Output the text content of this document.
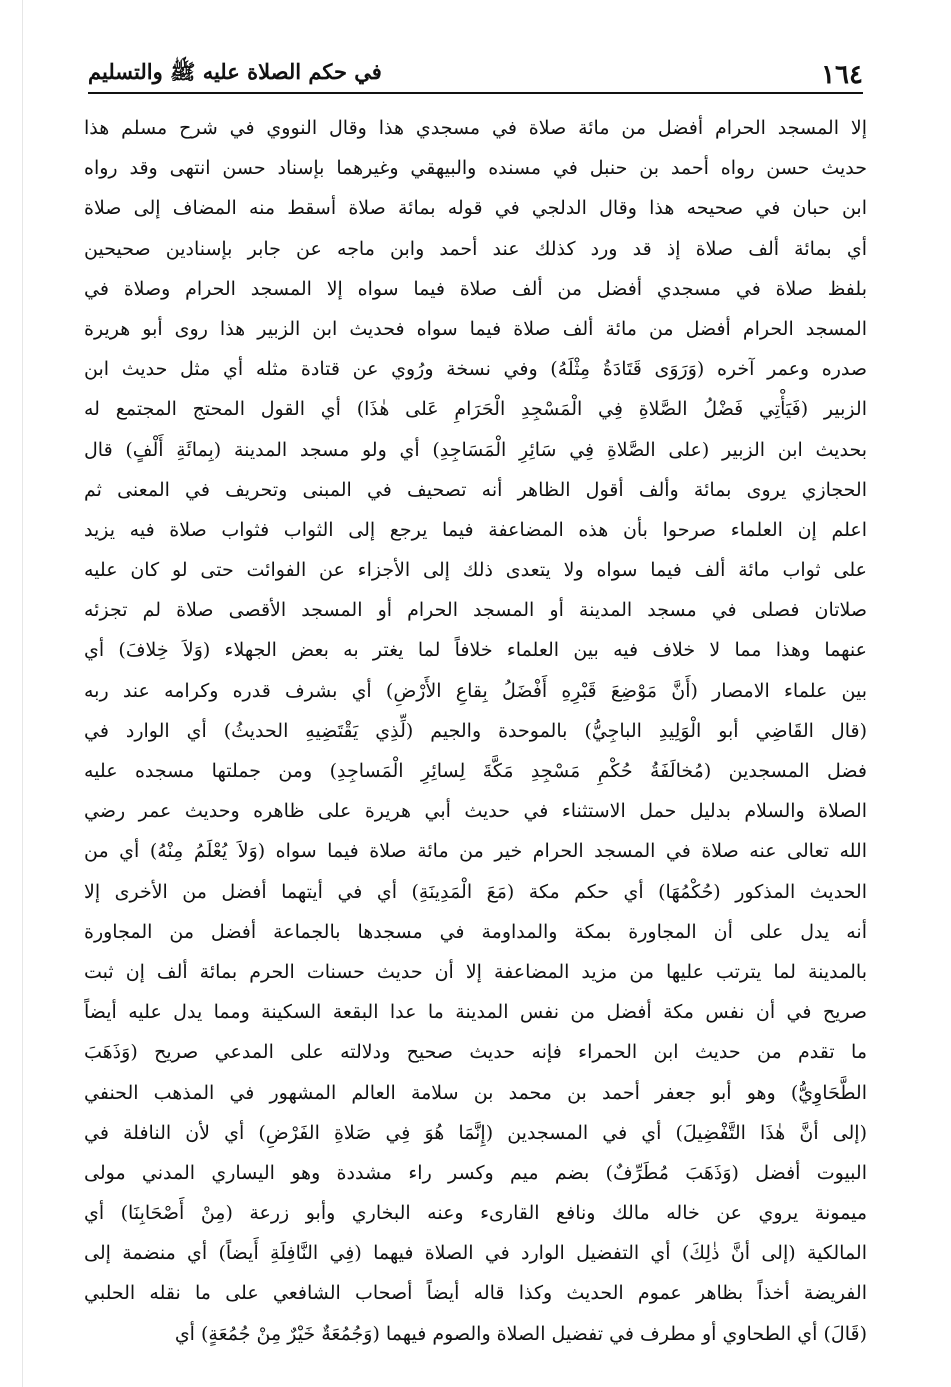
١٦٤
في حكم الصلاة عليه ﷺ والتسليم
إلا المسجد الحرام أفضل من مائة صلاة في مسجدي هذا وقال النووي في شرح مسلم هذا
حديث حسن رواه أحمد بن حنبل في مسنده والبيهقي وغيرهما بإسناد حسن انتهى وقد رواه
ابن حبان في صحيحه هذا وقال الدلجي في قوله بمائة صلاة أسقط منه المضاف إلى صلاة
أي بمائة ألف صلاة إذ قد ورد كذلك عند أحمد وابن ماجه عن جابر بإسنادين صحيحين
بلفظ صلاة في مسجدي أفضل من ألف صلاة فيما سواه إلا المسجد الحرام وصلاة في
المسجد الحرام أفضل من مائة ألف صلاة فيما سواه فحديث ابن الزبير هذا روى أبو هريرة
صدره وعمر آخره (وَرَوَى قَتَادَةُ مِثْلَهُ) وفي نسخة ورُوي عن قتادة مثله أي مثل حديث ابن
الزبير (فَيَأْتِي فَضْلُ الصَّلاةِ فِي الْمَسْجِدِ الْحَرَامِ عَلى هٰذَا) أي القول المحتج المجتمع له
بحديث ابن الزبير (على الصَّلاةِ فِي سَائِرِ الْمَسَاجِدِ) أي ولو مسجد المدينة (بِمائَةِ أَلْفٍ) قال
الحجازي يروى بمائة وألف أقول الظاهر أنه تصحيف في المبنى وتحريف في المعنى ثم
اعلم إن العلماء صرحوا بأن هذه المضاعفة فيما يرجع إلى الثواب فثواب صلاة فيه يزيد
على ثواب مائة ألف فيما سواه ولا يتعدى ذلك إلى الأجزاء عن الفوائت حتى لو كان عليه
صلاتان فصلى في مسجد المدينة أو المسجد الحرام أو المسجد الأقصى صلاة لم تجزئه
عنهما وهذا مما لا خلاف فيه بين العلماء خلافاً لما يغتر به بعض الجهلاء (وَلاَ خِلافَ) أي
بين علماء الامصار (أَنَّ مَوْضِعَ قَبْرِهِ أَفْضَلُ بِقاعِ الأَرْضِ) أي بشرف قدره وكرامه عند ربه
(قال القَاضِي أبو الْوَلِيدِ الباجِيُّ) بالموحدة والجيم (لِّذِي يَقْتَضِيهِ الحديثُ) أي الوارد في
فضل المسجدين (مُخالَفَةُ حُكْمِ مَسْجِدِ مَكَّةَ لِسائِرِ الْمَساجِدِ) ومن جملتها مسجده عليه
الصلاة والسلام بدليل حمل الاستثناء في حديث أبي هريرة على ظاهره وحديث عمر رضي
الله تعالى عنه صلاة في المسجد الحرام خير من مائة صلاة فيما سواه (وَلاَ يُعْلَمُ مِنْهُ) أي من
الحديث المذكور (حُكْمُهَا) أي حكم مكة (مَعَ الْمَدِينَةِ) أي في أيتهما أفضل من الأخرى إلا
أنه يدل على أن المجاورة بمكة والمداومة في مسجدها بالجماعة أفضل من المجاورة
بالمدينة لما يترتب عليها من مزيد المضاعفة إلا أن حديث حسنات الحرم بمائة ألف إن ثبت
صريح في أن نفس مكة أفضل من نفس المدينة ما عدا البقعة السكينة ومما يدل عليه أيضاً
ما تقدم من حديث ابن الحمراء فإنه حديث صحيح ودلالته على المدعي صريح (وَذَهَبَ
الطَّحَاوِيُّ) وهو أبو جعفر أحمد بن محمد بن سلامة العالم المشهور في المذهب الحنفي
(إلى أنَّ هٰذَا التَّفْضِيلَ) أي في المسجدين (إِنَّمَا هُوَ فِي صَلاةِ الفَرْضِ) أي لأن النافلة في
البيوت أفضل (وَذَهَبَ مُطَرِّفٌ) بضم ميم وكسر راء مشددة وهو اليساري المدني مولى
ميمونة يروي عن خاله مالك ونافع القارىء وعنه البخاري وأبو زرعة (مِنْ أَصْحَابِنَا) أي
المالكية (إلى أنَّ ذٰلِكَ) أي التفضيل الوارد في الصلاة فيهما (فِي النَّافِلَةِ أَيضاً) أي منضمة إلى
الفريضة أخذاً بظاهر عموم الحديث وكذا قاله أيضاً أصحاب الشافعي على ما نقله الحلبي
(قَالَ) أي الطحاوي أو مطرف في تفضيل الصلاة والصوم فيهما (وَجُمُعَةٌ خَيْرٌ مِنْ جُمُعَةٍ) أي
